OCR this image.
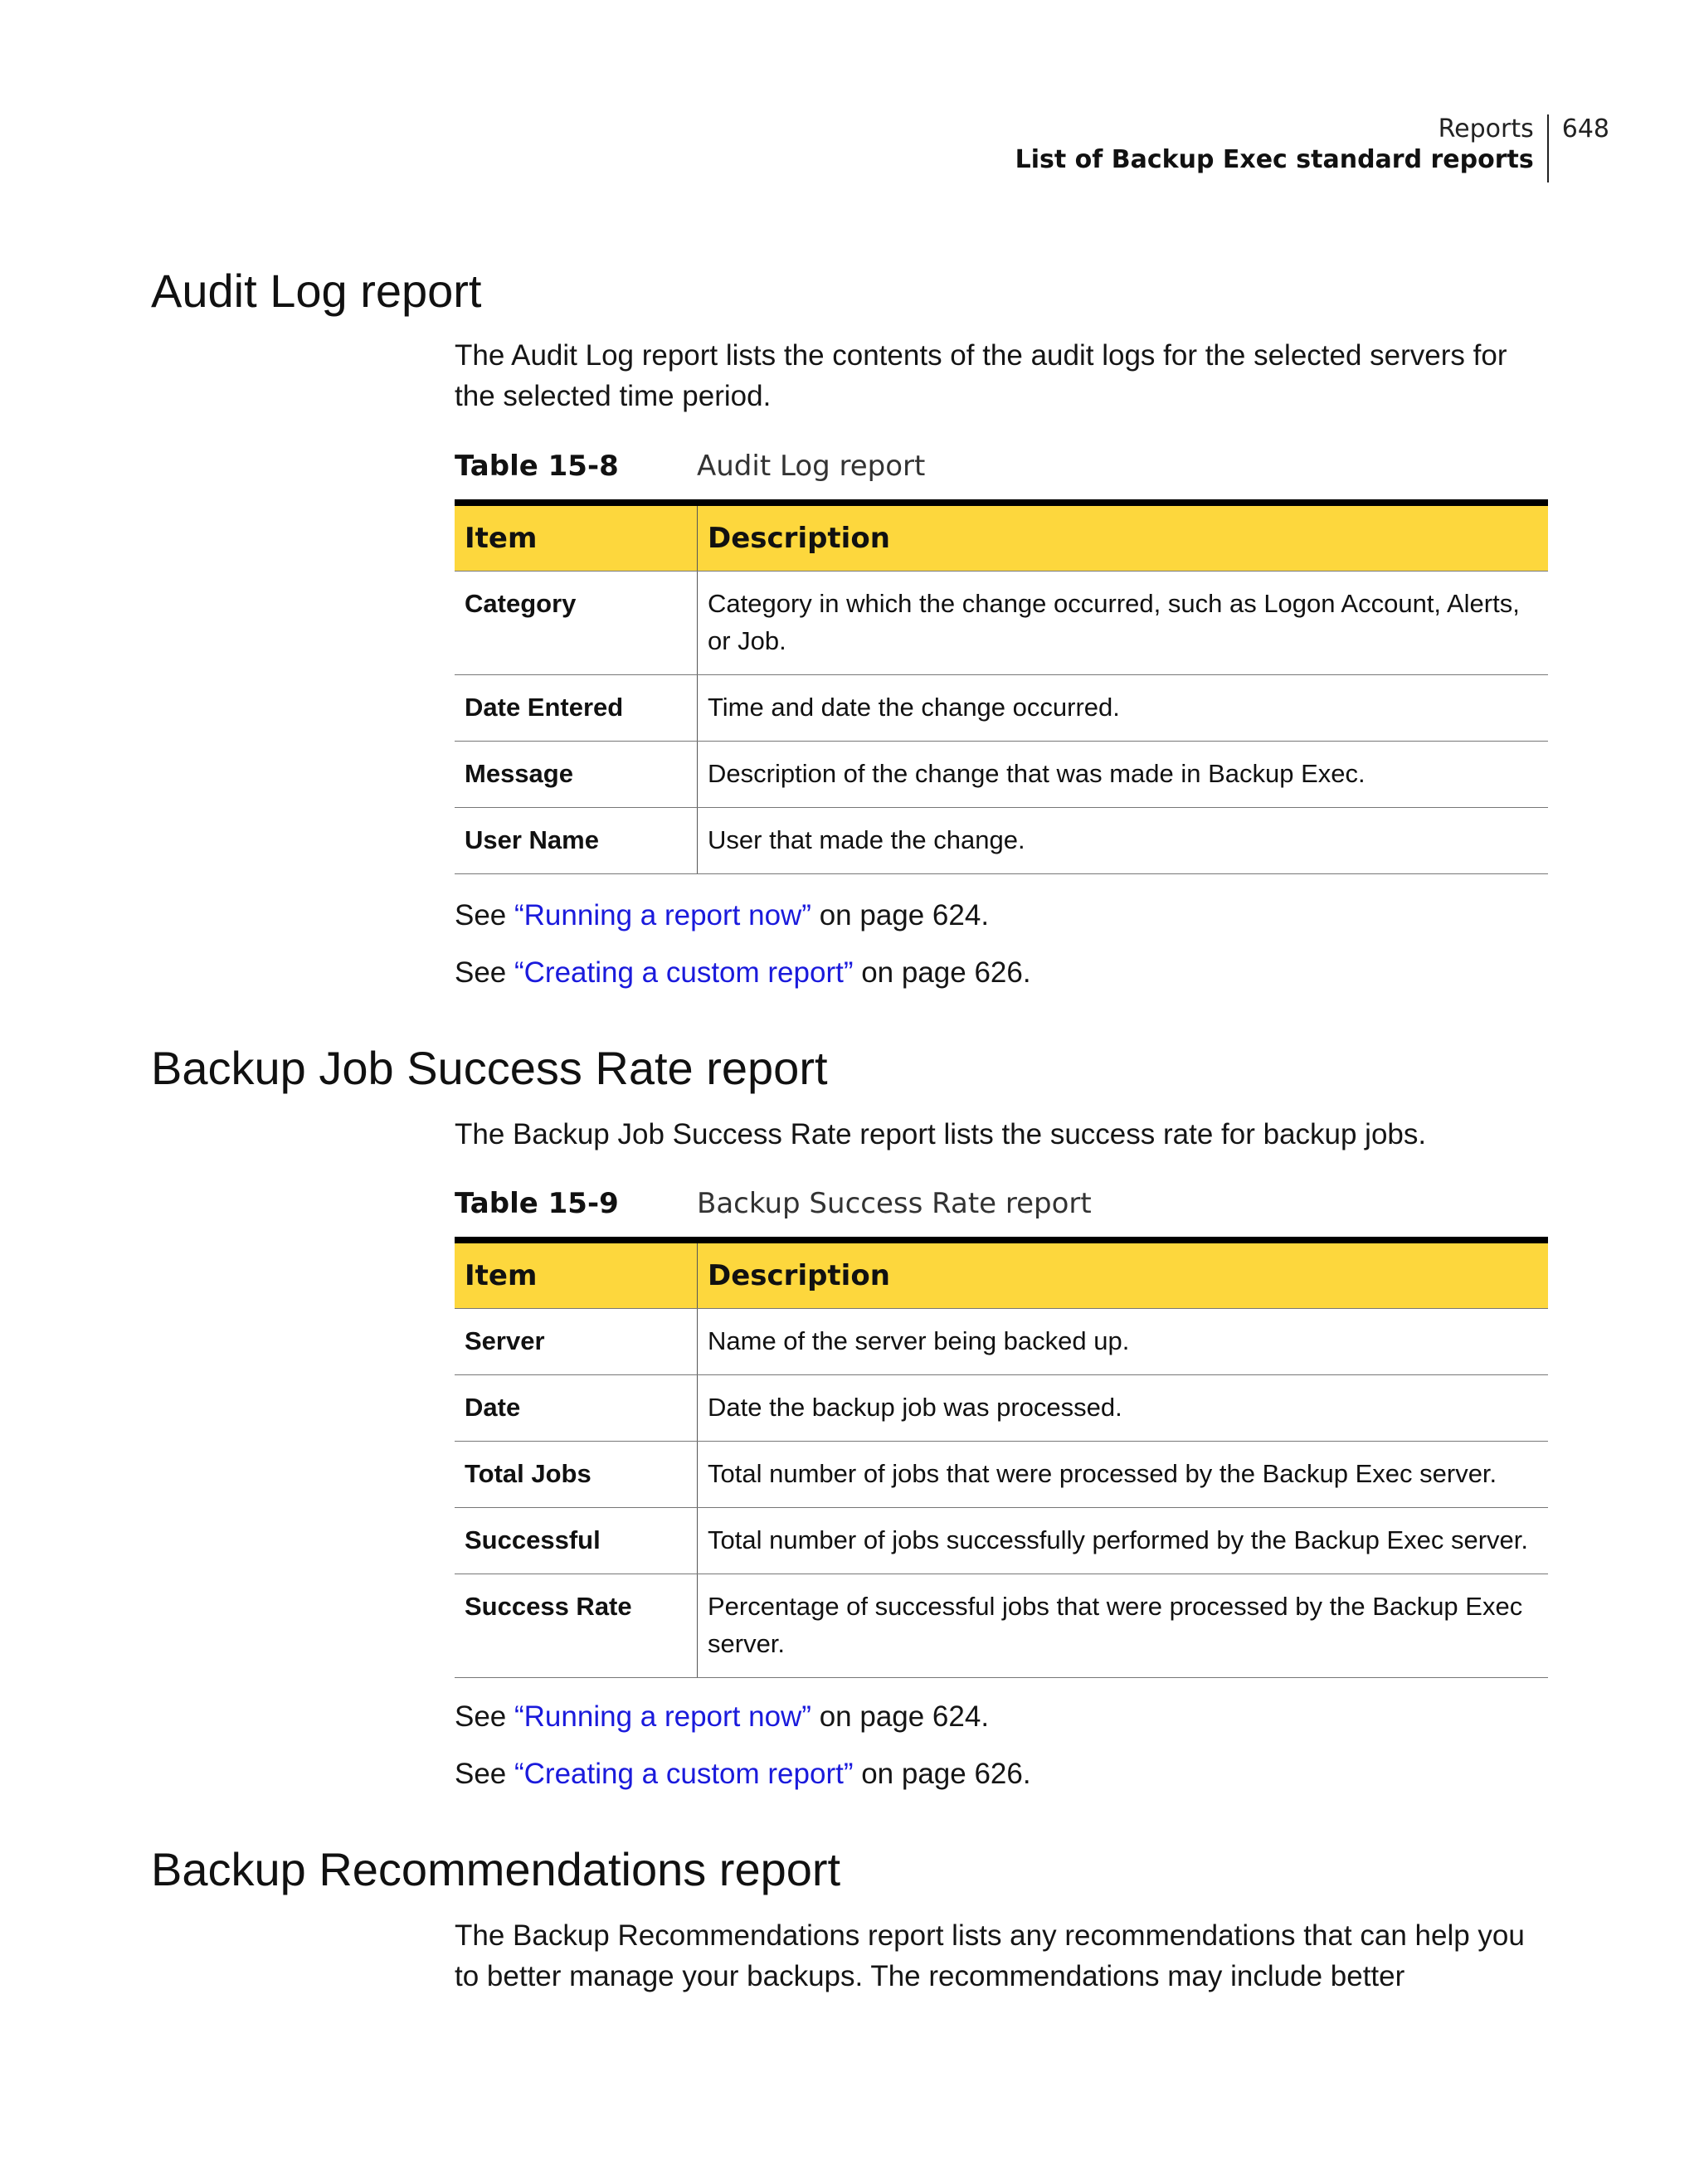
Reports
List of Backup Exec standard reports
648
Audit Log report

The Audit Log report lists the contents of the audit logs for the selected servers for the selected time period.

Table 15-8	Audit Log report
Item	Description
Category	Category in which the change occurred, such as Logon Account, Alerts, or Job.
Date Entered	Time and date the change occurred.
Message	Description of the change that was made in Backup Exec.
User Name	User that made the change.

See “Running a report now” on page 624.

See “Creating a custom report” on page 626.

Backup Job Success Rate report

The Backup Job Success Rate report lists the success rate for backup jobs.

Table 15-9	Backup Success Rate report
Item	Description
Server	Name of the server being backed up.
Date	Date the backup job was processed.
Total Jobs	Total number of jobs that were processed by the Backup Exec server.
Successful	Total number of jobs successfully performed by the Backup Exec server.
Success Rate	Percentage of successful jobs that were processed by the Backup Exec server.

See “Running a report now” on page 624.

See “Creating a custom report” on page 626.

Backup Recommendations report

The Backup Recommendations report lists any recommendations that can help you to better manage your backups. The recommendations may include better
